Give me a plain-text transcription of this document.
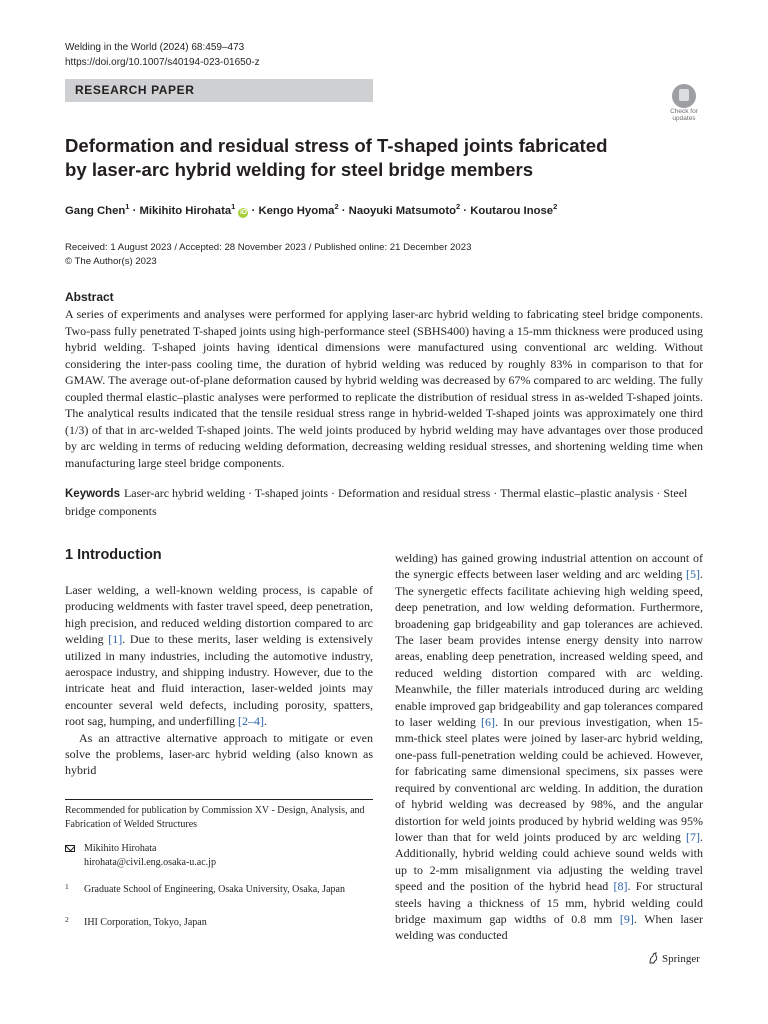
Welding in the World (2024) 68:459–473
https://doi.org/10.1007/s40194-023-01650-z
RESEARCH PAPER
Check for
updates
Deformation and residual stress of T-shaped joints fabricated
by laser-arc hybrid welding for steel bridge members
Gang Chen$^1$ · Mikihito Hirohata$^1$ iD · Kengo Hyoma$^2$ · Naoyuki Matsumoto$^2$ · Koutarou Inose$^2$
Received: 1 August 2023 / Accepted: 28 November 2023 / Published online: 21 December 2023
© The Author(s) 2023
Abstract

A series of experiments and analyses were performed for applying laser-arc hybrid welding to fabricating steel bridge components. Two-pass fully penetrated T-shaped joints using high-performance steel (SBHS400) having a 15-mm thickness were produced using hybrid welding. T-shaped joints having identical dimensions were manufactured using conventional arc welding. Without considering the inter-pass cooling time, the duration of hybrid welding was reduced by roughly 83% in comparison to that for GMAW. The average out-of-plane deformation caused by hybrid welding was decreased by 67% compared to arc welding. The fully coupled thermal elastic–plastic analyses were performed to replicate the distribution of residual stress in as-welded T-shaped joints. The analytical results indicated that the tensile residual stress range in hybrid-welded T-shaped joints was approximately one third (1/3) of that in arc-welded T-shaped joints. The weld joints produced by hybrid welding may have advantages over those produced by arc welding in terms of reducing welding deformation, decreasing welding residual stresses, and shortening welding time when manufacturing large steel bridge components.

Keywords Laser-arc hybrid welding · T-shaped joints · Deformation and residual stress · Thermal elastic–plastic analysis · Steel bridge components

1 Introduction

Laser welding, a well-known welding process, is capable of producing weldments with faster travel speed, deep penetration, high precision, and reduced welding distortion compared to arc welding [1]. Due to these merits, laser welding is extensively utilized in many industries, including the automotive industry, aerospace industry, and shipping industry. However, due to the intricate heat and fluid interaction, laser-welded joints may encounter several weld defects, including porosity, spatters, root sag, humping, and underfilling [2–4].

As an attractive alternative approach to mitigate or even solve the problems, laser-arc hybrid welding (also known as hybrid

welding) has gained growing industrial attention on account of the synergic effects between laser welding and arc welding [5]. The synergetic effects facilitate achieving high welding speed, deep penetration, and low welding deformation. Furthermore, broadening gap bridgeability and gap tolerances are achieved. The laser beam provides intense energy density into narrow areas, enabling deep penetration, increased welding speed, and reduced welding distortion compared with arc welding. Meanwhile, the filler materials introduced during arc welding enable improved gap bridgeability and gap tolerances compared to laser welding [6]. In our previous investigation, when 15-mm-thick steel plates were joined by laser-arc hybrid welding, one-pass full-penetration welding could be achieved. However, for fabricating same dimensional specimens, six passes were required by conventional arc welding. In addition, the duration of hybrid welding was decreased by 98%, and the angular distortion for weld joints produced by hybrid welding was 95% lower than that for weld joints produced by arc welding [7]. Additionally, hybrid welding could achieve sound welds with up to 2-mm misalignment via adjusting the welding travel speed and the position of the hybrid head [8]. For structural steels having a thickness of 15 mm, hybrid welding could bridge maximum gap widths of 0.8 mm [9]. When laser welding was conducted

Recommended for publication by Commission XV - Design, Analysis, and Fabrication of Welded Structures
Mikihito Hirohata
hirohata@civil.eng.osaka-u.ac.jp
1 Graduate School of Engineering, Osaka University, Osaka, Japan
2 IHI Corporation, Tokyo, Japan
Springer
